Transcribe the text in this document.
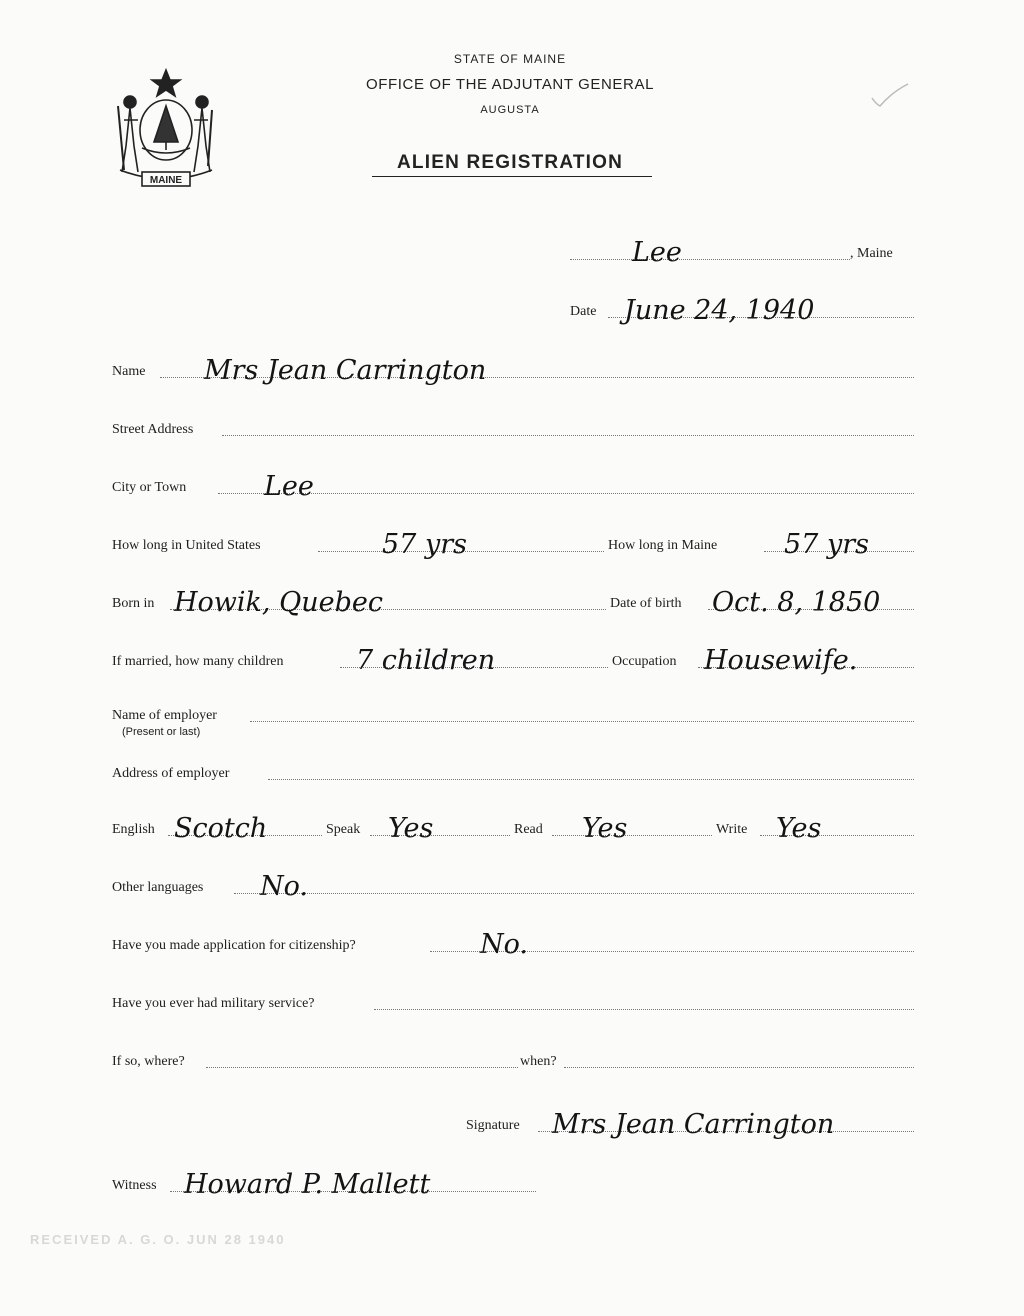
MAINE
STATE OF MAINE
OFFICE OF THE ADJUTANT GENERAL
AUGUSTA
ALIEN REGISTRATION
Lee	, Maine
Date June 24, 1940
Name Mrs Jean Carrington
Street Address
City or Town	Lee
How long in United States	57 yrs	How long in Maine 57 yrs
Born in Howik, Quebec	Date of birth Oct. 8, 1850
If married, how many children	7 children	Occupation Housewife.
Name of employer
(Present or last)
Address of employer
English Scotch	Speak Yes	Read Yes	Write Yes
Other languages No.
Have you made application for citizenship?	No.
Have you ever had military service?
If so, where?	when?
Signature Mrs Jean Carrington
Witness Howard P. Mallett
RECEIVED A. G. O. JUN 28 1940
